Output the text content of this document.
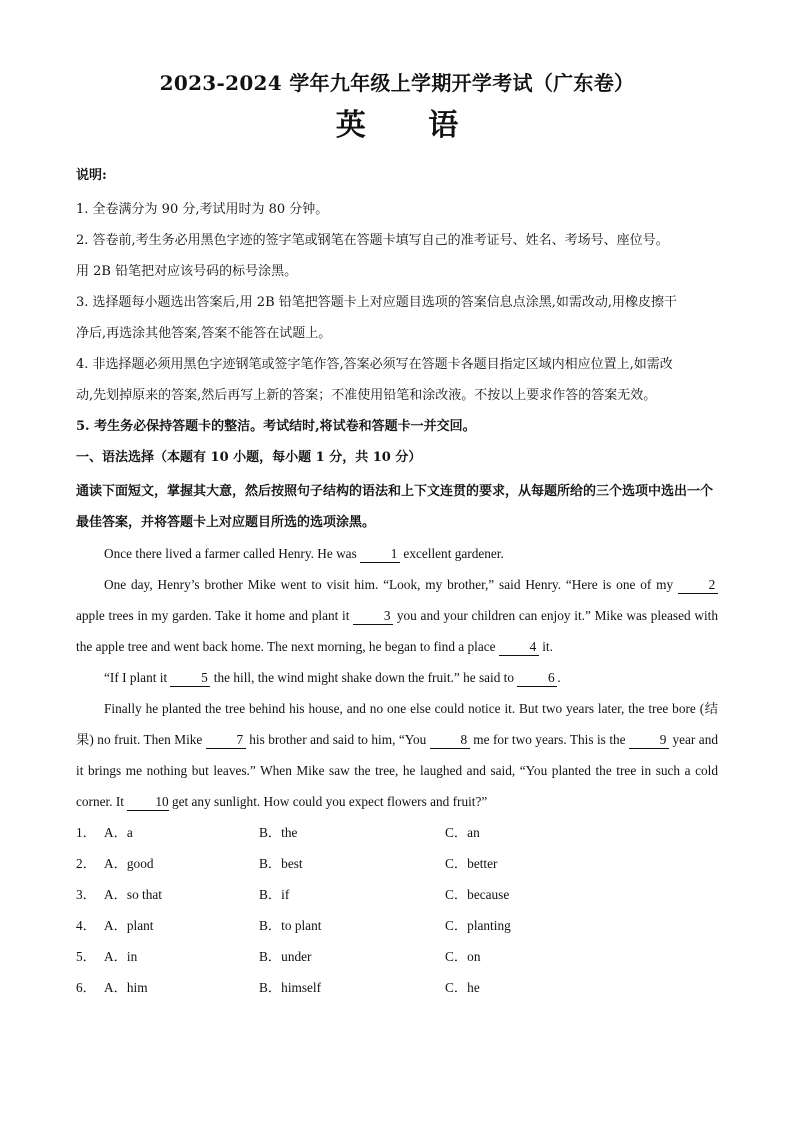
2023-2024 学年九年级上学期开学考试（广东卷）
英 语
说明:
1. 全卷满分为 90 分,考试用时为 80 分钟。
2. 答卷前,考生务必用黑色字迹的签字笔或钢笔在答题卡填写自己的准考证号、姓名、考场号、座位号。
用 2B 铅笔把对应该号码的标号涂黑。
3. 选择题每小题选出答案后,用 2B 铅笔把答题卡上对应题目选项的答案信息点涂黑,如需改动,用橡皮擦干
净后,再选涂其他答案,答案不能答在试题上。
4. 非选择题必须用黑色字迹钢笔或签字笔作答,答案必须写在答题卡各题目指定区域内相应位置上,如需改
动,先划掉原来的答案,然后再写上新的答案；不准使用铅笔和涂改液。不按以上要求作答的答案无效。
5. 考生务必保持答题卡的整洁。考试结时,将试卷和答题卡一并交回。
一、语法选择（本题有 10 小题，每小题 1 分，共 10 分）
通读下面短文，掌握其大意，然后按照句子结构的语法和上下文连贯的要求，从每题所给的三个选项中选出一个最佳答案，并将答题卡上对应题目所选的选项涂黑。

Once there lived a farmer called Henry. He was 1 excellent gardener.

One day, Henry’s brother Mike went to visit him. “Look, my brother,” said Henry. “Here is one of my 2 apple trees in my garden. Take it home and plant it 3 you and your children can enjoy it.” Mike was pleased with the apple tree and went back home. The next morning, he began to find a place 4 it.

“If I plant it 5 the hill, the wind might shake down the fruit.” he said to 6 .

Finally he planted the tree behind his house, and no one else could notice it. But two years later, the tree bore (结果) no fruit. Then Mike 7 his brother and said to him, “You 8 me for two years. This is the 9 year and it brings me nothing but leaves.” When Mike saw the tree, he laughed and said, “You planted the tree in such a cold corner. It 10 get any sunlight. How could you expect flowers and fruit?”

1． A．a	B．the	C．an
2． A．good	B．best	C．better
3． A．so that	B．if	C．because
4． A．plant	B．to plant	C．planting
5． A．in	B．under	C．on
6． A．him	B．himself	C．he
